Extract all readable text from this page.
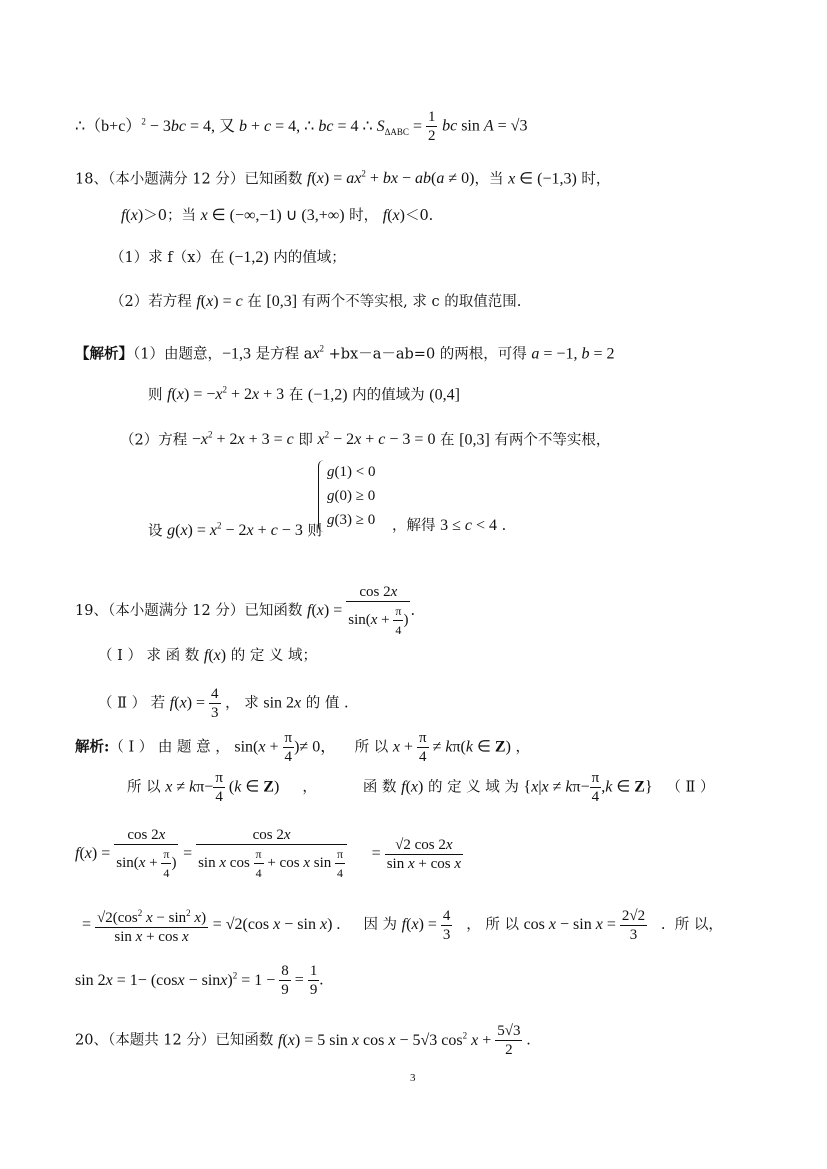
$\therefore(b+c)^2 - 3bc = 4$, 又 b + c = 4, ∴ bc = 4 ∴ $S_{\Delta ABC} = \frac{1}{2}$ bc sin A = √3
18、（本小题满分 12 分）已知函数 $f(x) = ax^2$ + bx − ab(a ≠ 0)，当 x ∈ (−1,3) 时，
f(x)＞0；当 x ∈ (−∞,−1) ∪ (3,+∞) 时， f(x)＜0.
（1）求 f（x）在 (−1,2) 内的值域；
（2）若方程 f(x) = c 在 [0,3] 有两个不等实根, 求 c 的取值范围.
【解析】（1）由题意，−1,3 是方程 $ax^2 +bx-a-ab=0$ 的两根，可得 a = −1, b = 2
则 $f(x) = -x^2 + 2x + 3$ 在 (−1,2) 内的值域为 (0,4]
（2）方程 $-x^2 + 2x + 3 = c$ 即 $x^2 - 2x + c - 3 = 0$ 在 [0,3] 有两个不等实根，
g(1) < 0
g(0) ≥ 0
g(3) ≥ 0
设 $g(x) = x^2 - 2x + c - 3$ 则	，解得 3 ≤ c < 4 .
19、（本小题满分 12 分）已知函数 $f(x) = \frac{\cos 2x}{\sin(x + \frac{\pi}{4} )}$ .
（ Ⅰ ） 求 函 数 f(x) 的 定 义 域；
（ Ⅱ ） 若 $f(x) = \frac{4}{3}$ ， 求 sin 2x 的 值 .
解析:（ Ⅰ ） 由 题 意 ， $\sin(x + \frac{\pi}{4}$ )≠ 0，    所 以 $x + \frac{\pi}{4} \ne k\pi(k$ ∈ Z) ，
所 以 $x \ne k\pi- \frac{\pi}{4} (k$ ∈ Z)     ，          函 数 f(x) 的 定 义 域 为 {$x|x \ne k\pi- \frac{\pi}{4} ,k$ ∈ Z}   （ Ⅱ ）
$f(x) = \frac{\cos 2x}{\sin(x + \frac{\pi}{4} )} = \frac{\cos 2x}{\sin x \cos \frac{\pi}{4} + \cos x \sin \frac{\pi}{4}} = \frac{√2 \cos 2x}{\text{sin x + cos x}}$
= $\frac{√2(\cos^2 x - \sin^2 x)}{\text{sin x + cos x}} = √2(\cos$ x − sin x) .     因 为 $f(x) = \frac{4}{3}$ ， 所 以 $\cos x - \sin x = \frac{2√2}{3}$ .  所 以，
$\sin 2x = 1- (\cos x - \sin x)^2 = 1 - \frac{8}{9} = \frac{1}{9}$ .
20、（本题共 12 分）已知函数 f(x) = 5 sin x cos x − 5√3 $\cos^2 x + \frac{5√3}{2}$ .
3
